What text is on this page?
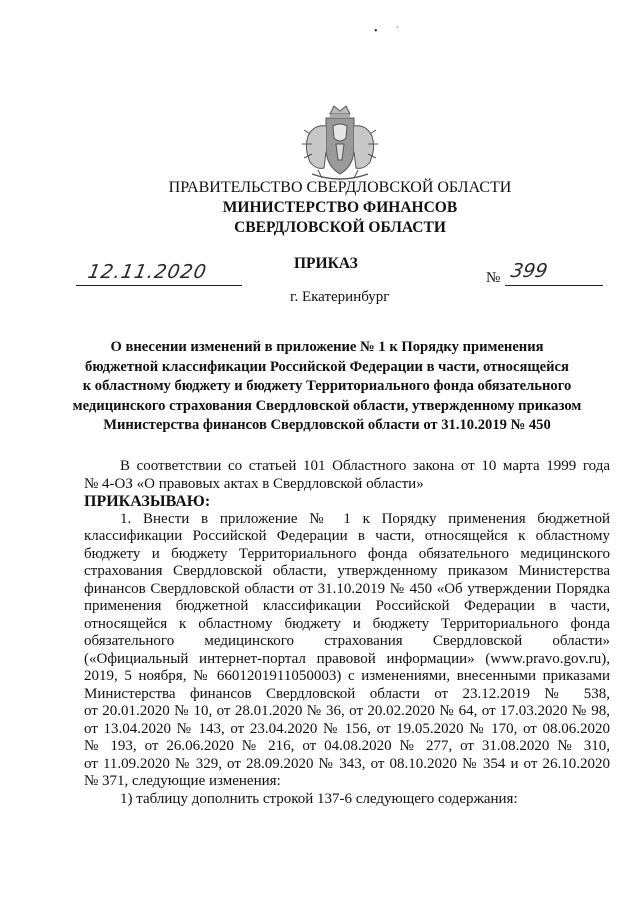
• `
ПРАВИТЕЛЬСТВО СВЕРДЛОВСКОЙ ОБЛАСТИ
МИНИСТЕРСТВО ФИНАНСОВ
СВЕРДЛОВСКОЙ ОБЛАСТИ
ПРИКАЗ
12.11.2020	№ 399
г. Екатеринбург
О внесении изменений в приложение № 1 к Порядку применения
бюджетной классификации Российской Федерации в части, относящейся
к областному бюджету и бюджету Территориального фонда обязательного
медицинского страхования Свердловской области, утвержденному приказом
Министерства финансов Свердловской области от 31.10.2019 № 450
В соответствии со статьей 101 Областного закона от 10 марта 1999 года
№ 4-ОЗ «О правовых актах в Свердловской области»
ПРИКАЗЫВАЮ:
1. Внести в приложение № 1 к Порядку применения бюджетной
классификации Российской Федерации в части, относящейся к областному
бюджету и бюджету Территориального фонда обязательного медицинского
страхования Свердловской области, утвержденному приказом Министерства
финансов Свердловской области от 31.10.2019 № 450 «Об утверждении Порядка
применения бюджетной классификации Российской Федерации в части,
относящейся к областному бюджету и бюджету Территориального фонда
обязательного медицинского страхования Свердловской области»
(«Официальный интернет-портал правовой информации» (www.pravo.gov.ru),
2019, 5 ноября, № 6601201911050003) с изменениями, внесенными приказами
Министерства финансов Свердловской области от 23.12.2019 № 538,
от 20.01.2020 № 10, от 28.01.2020 № 36, от 20.02.2020 № 64, от 17.03.2020 № 98,
от 13.04.2020 № 143, от 23.04.2020 № 156, от 19.05.2020 № 170, от 08.06.2020
№ 193, от 26.06.2020 № 216, от 04.08.2020 № 277, от 31.08.2020 № 310,
от 11.09.2020 № 329, от 28.09.2020 № 343, от 08.10.2020 № 354 и от 26.10.2020
№ 371, следующие изменения:
1) таблицу дополнить строкой 137-6 следующего содержания:
